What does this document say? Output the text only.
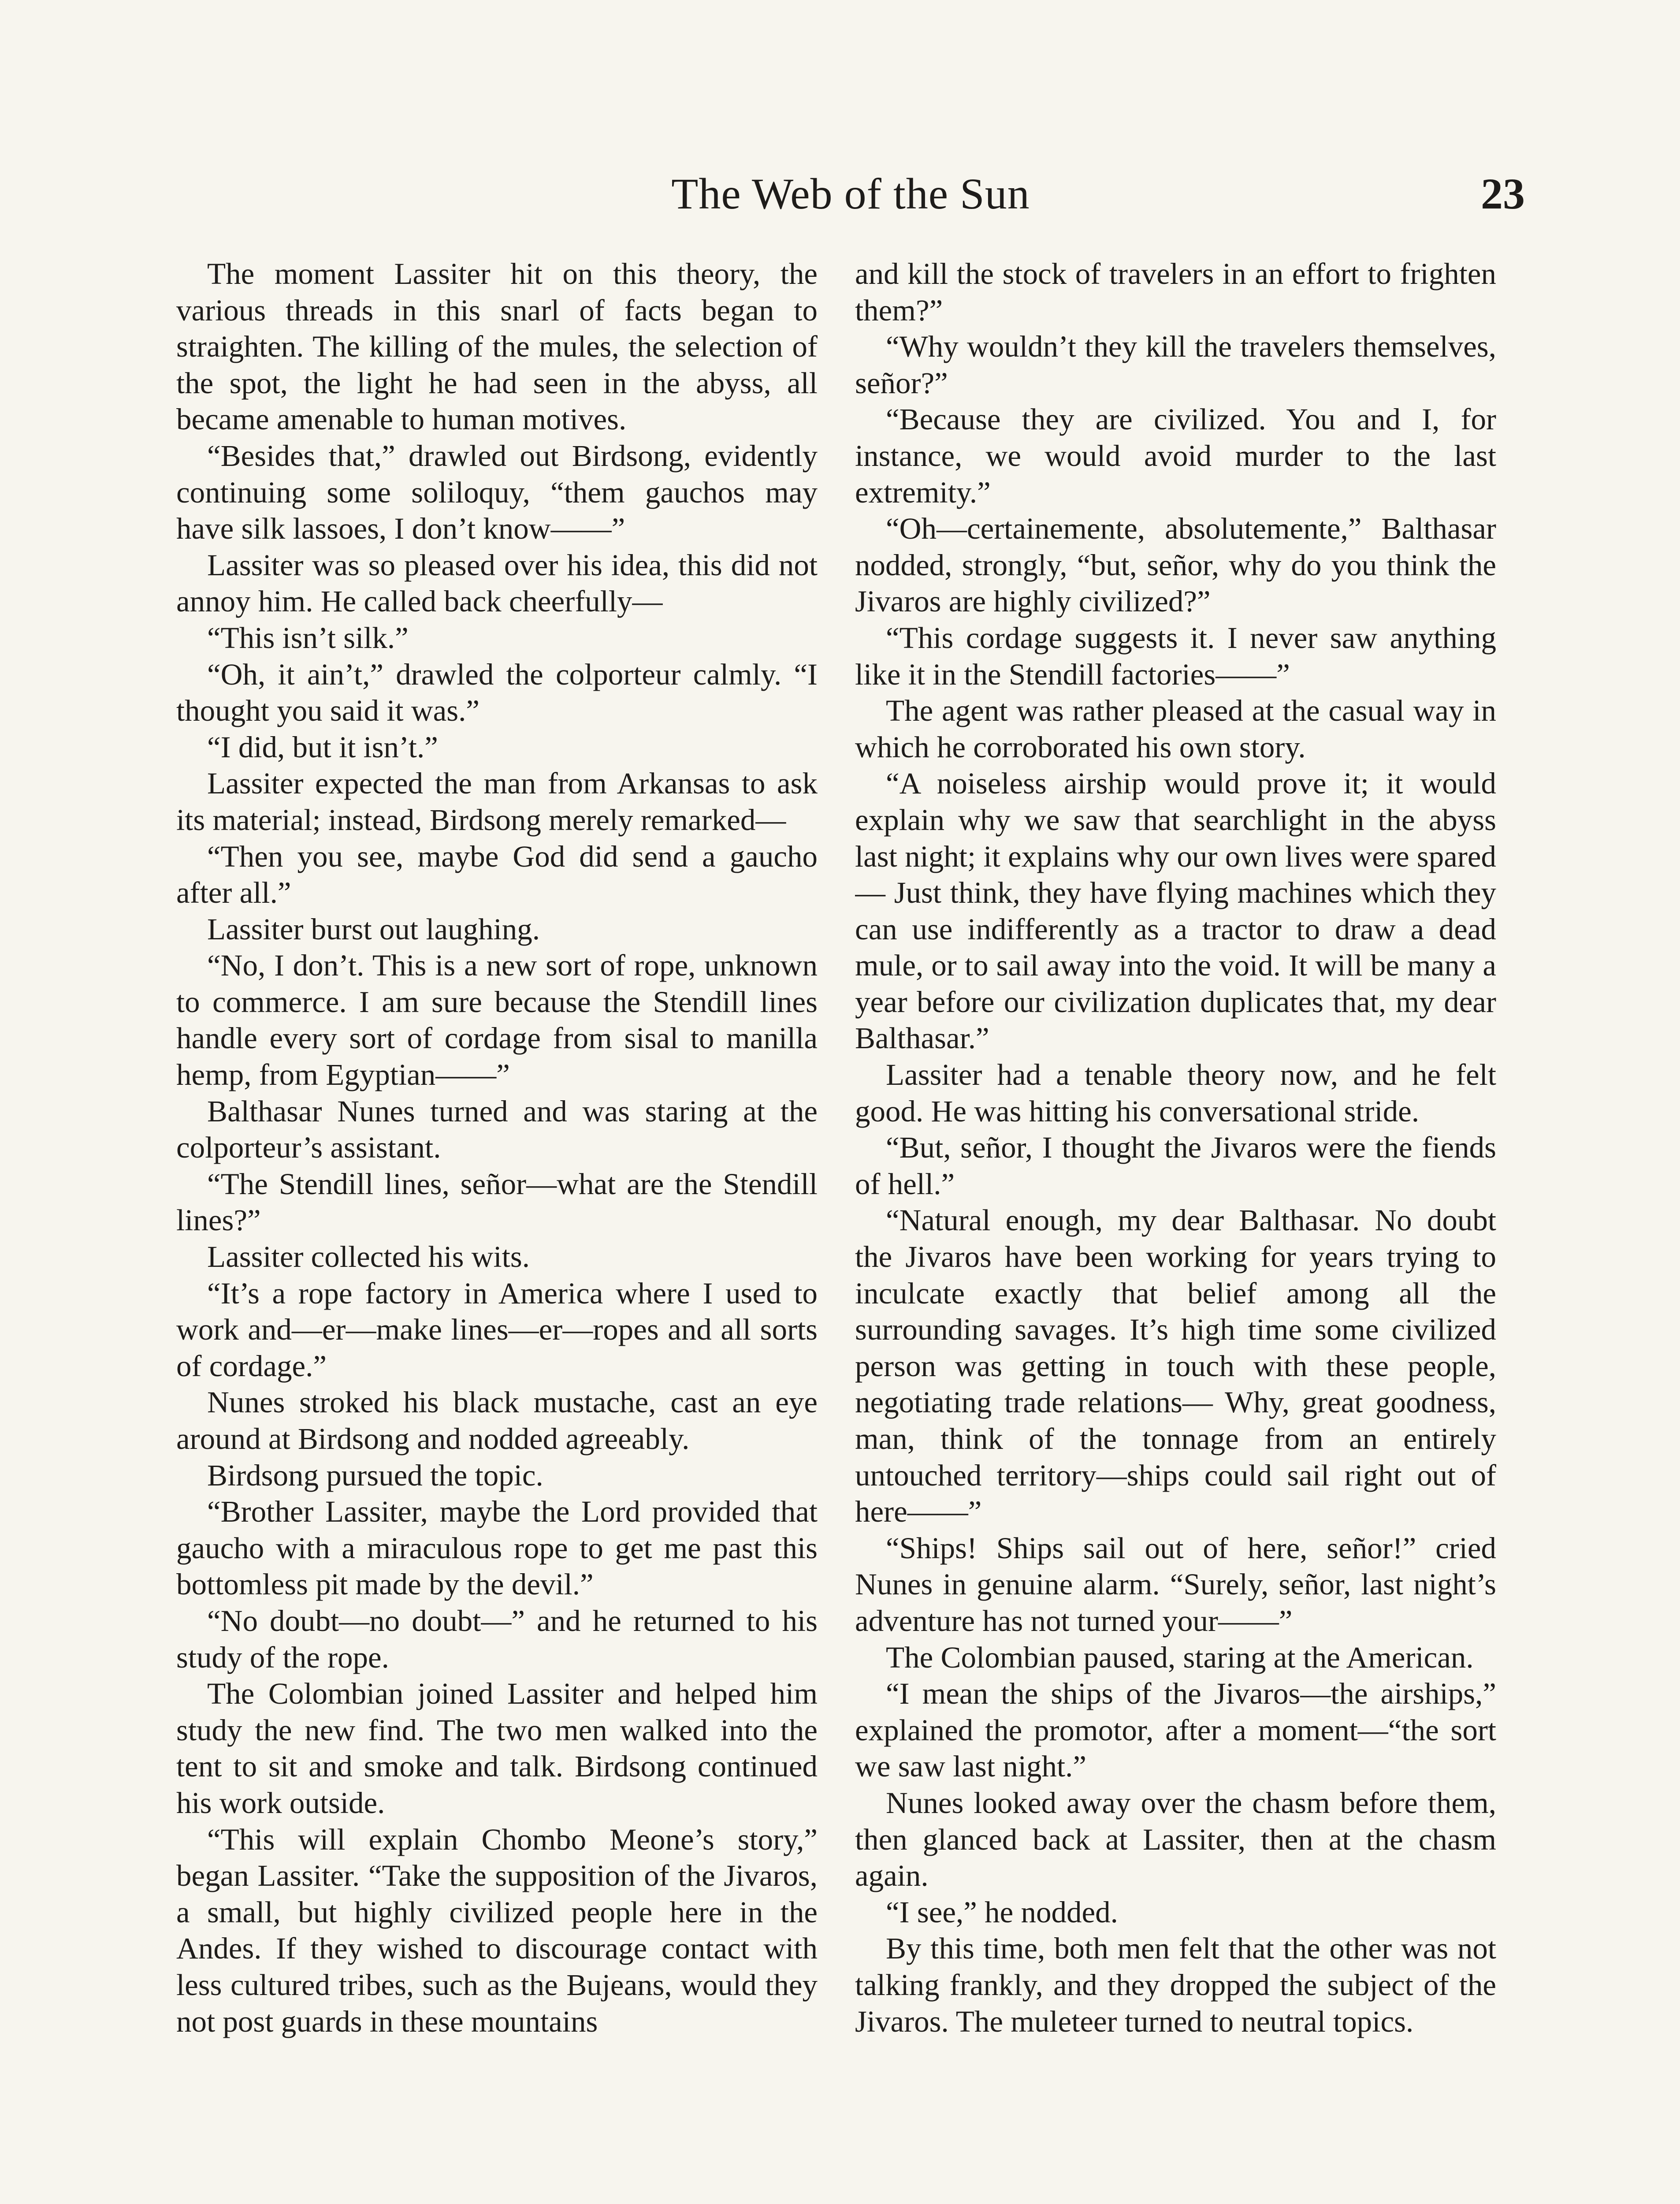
The Web of the Sun	23

The moment Lassiter hit on this theory, the various threads in this snarl of facts began to straighten. The killing of the mules, the selection of the spot, the light he had seen in the abyss, all became amenable to human motives.

“Besides that,” drawled out Birdsong, evidently continuing some soliloquy, “them gauchos may have silk lassoes, I don’t know——”

Lassiter was so pleased over his idea, this did not annoy him. He called back cheerfully—

“This isn’t silk.”

“Oh, it ain’t,” drawled the colporteur calmly. “I thought you said it was.”

“I did, but it isn’t.”

Lassiter expected the man from Arkansas to ask its material; instead, Birdsong merely remarked—

“Then you see, maybe God did send a gaucho after all.”

Lassiter burst out laughing.

“No, I don’t. This is a new sort of rope, unknown to commerce. I am sure because the Stendill lines handle every sort of cordage from sisal to manilla hemp, from Egyptian——”

Balthasar Nunes turned and was staring at the colporteur’s assistant.

“The Stendill lines, señor—what are the Stendill lines?”

Lassiter collected his wits.

“It’s a rope factory in America where I used to work and—er—make lines—er—ropes and all sorts of cordage.”

Nunes stroked his black mustache, cast an eye around at Birdsong and nodded agreeably.

Birdsong pursued the topic.

“Brother Lassiter, maybe the Lord provided that gaucho with a miraculous rope to get me past this bottomless pit made by the devil.”

“No doubt—no doubt—” and he returned to his study of the rope.

The Colombian joined Lassiter and helped him study the new find. The two men walked into the tent to sit and smoke and talk. Birdsong continued his work outside.

“This will explain Chombo Meone’s story,” began Lassiter. “Take the supposition of the Jivaros, a small, but highly civilized people here in the Andes. If they wished to discourage contact with less cultured tribes, such as the Bujeans, would they not post guards in these mountains

and kill the stock of travelers in an effort to frighten them?”

“Why wouldn’t they kill the travelers themselves, señor?”

“Because they are civilized. You and I, for instance, we would avoid murder to the last extremity.”

“Oh—certainemente, absolutemente,” Balthasar nodded, strongly, “but, señor, why do you think the Jivaros are highly civilized?”

“This cordage suggests it. I never saw anything like it in the Stendill factories——”

The agent was rather pleased at the casual way in which he corroborated his own story.

“A noiseless airship would prove it; it would explain why we saw that searchlight in the abyss last night; it explains why our own lives were spared— Just think, they have flying machines which they can use indifferently as a tractor to draw a dead mule, or to sail away into the void. It will be many a year before our civilization duplicates that, my dear Balthasar.”

Lassiter had a tenable theory now, and he felt good. He was hitting his conversational stride.

“But, señor, I thought the Jivaros were the fiends of hell.”

“Natural enough, my dear Balthasar. No doubt the Jivaros have been working for years trying to inculcate exactly that belief among all the surrounding savages. It’s high time some civilized person was getting in touch with these people, negotiating trade relations— Why, great goodness, man, think of the tonnage from an entirely untouched territory—ships could sail right out of here——”

“Ships! Ships sail out of here, señor!” cried Nunes in genuine alarm. “Surely, señor, last night’s adventure has not turned your——”

The Colombian paused, staring at the American.

“I mean the ships of the Jivaros—the airships,” explained the promotor, after a moment—“the sort we saw last night.”

Nunes looked away over the chasm before them, then glanced back at Lassiter, then at the chasm again.

“I see,” he nodded.

By this time, both men felt that the other was not talking frankly, and they dropped the subject of the Jivaros. The muleteer turned to neutral topics.
